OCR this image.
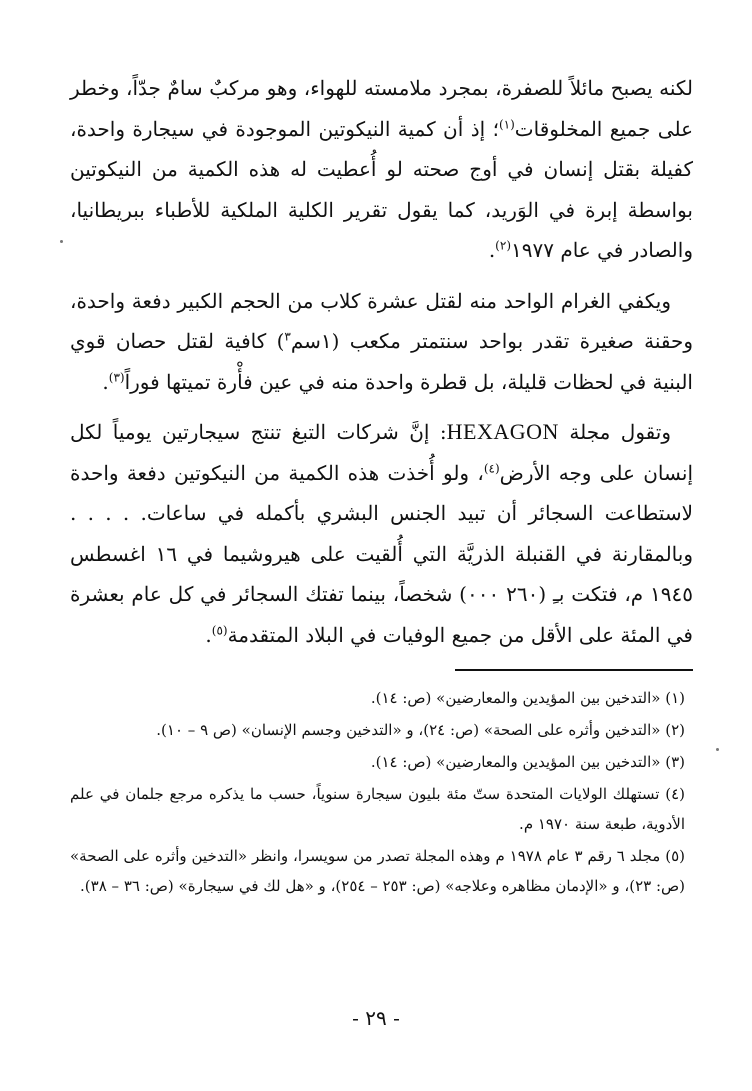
لكنه يصبح مائلاً للصفرة، بمجرد ملامسته للهواء، وهو مركبٌ سامٌ جدّاً، وخطر على جميع المخلوقات$^{(١)}$؛ إذ أن كمية النيكوتين الموجودة في سيجارة واحدة، كفيلة بقتل إنسان في أوج صحته لو أُعطيت له هذه الكمية من النيكوتين بواسطة إبرة في الوَريد، كما يقول تقرير الكلية الملكية للأطباء ببريطانيا، والصادر في عام ١٩٧٧$^{(٢)}$.

ويكفي الغرام الواحد منه لقتل عشرة كلاب من الحجم الكبير دفعة واحدة، وحقنة صغيرة تقدر بواحد سنتمتر مكعب (١سم$^٣$) كافية لقتل حصان قوي البنية في لحظات قليلة، بل قطرة واحدة منه في عين فأْرة تميتها فوراً$^{(٣)}$.

وتقول مجلة HEXAGON: إنَّ شركات التبغ تنتج سيجارتين يومياً لكل إنسان على وجه الأرض$^{(٤)}$، ولو أُخذت هذه الكمية من النيكوتين دفعة واحدة لاستطاعت السجائر أن تبيد الجنس البشري بأكمله في ساعات. . . . . وبالمقارنة في القنبلة الذريَّة التي أُلقيت على هيروشيما في ١٦ اغسطس ١٩٤٥ م، فتكت بـِ (٢٦٠ ٠٠٠) شخصاً، بينما تفتك السجائر في كل عام بعشرة في المئة على الأقل من جميع الوفيات في البلاد المتقدمة$^{(٥)}$.

(١) «التدخين بين المؤيدين والمعارضين» (ص: ١٤).

(٢) «التدخين وأثره على الصحة» (ص: ٢٤)، و «التدخين وجسم الإنسان» (ص ٩ – ١٠).

(٣) «التدخين بين المؤيدين والمعارضين» (ص: ١٤).

(٤) تستهلك الولايات المتحدة ستّ مئة بليون سيجارة سنوياً، حسب ما يذكره مرجع جلمان في علم الأدوية، طبعة سنة ١٩٧٠ م.

(٥) مجلد ٦ رقم ٣ عام ١٩٧٨ م وهذه المجلة تصدر من سويسرا، وانظر «التدخين وأثره على الصحة» (ص: ٢٣)، و «الإدمان مظاهره وعلاجه» (ص: ٢٥٣ – ٢٥٤)، و «هل لك في سيجارة» (ص: ٣٦ – ٣٨).

- ٢٩ -
